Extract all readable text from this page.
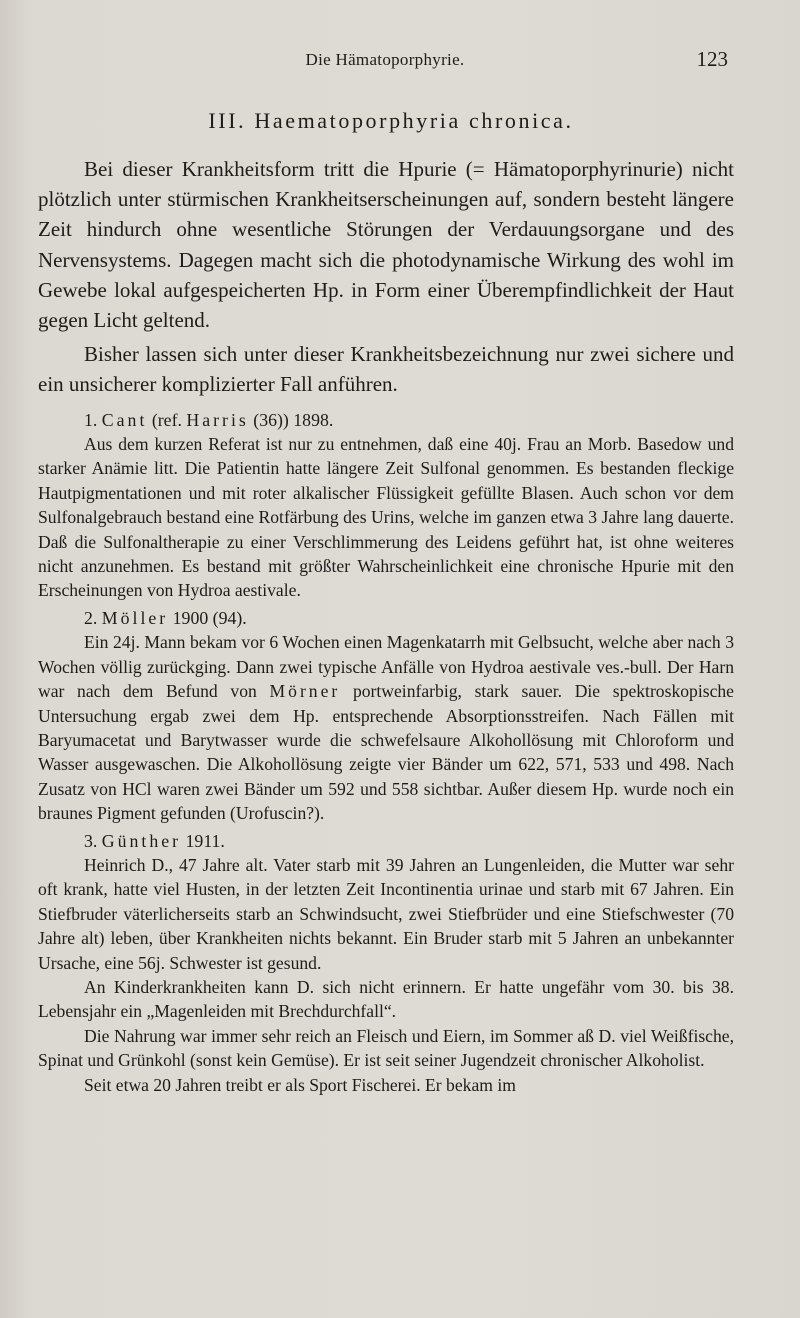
Die Hämatoporphyrie.	123
III. Haematoporphyria chronica.

Bei dieser Krankheitsform tritt die Hpurie (= Hämatoporphyrinurie) nicht plötzlich unter stürmischen Krankheitserscheinungen auf, sondern besteht längere Zeit hindurch ohne wesentliche Störungen der Verdauungsorgane und des Nervensystems. Dagegen macht sich die photodynamische Wirkung des wohl im Gewebe lokal aufgespeicherten Hp. in Form einer Überempfindlichkeit der Haut gegen Licht geltend.

Bisher lassen sich unter dieser Krankheitsbezeichnung nur zwei sichere und ein unsicherer komplizierter Fall anführen.

1. Cant (ref. Harris (36)) 1898.

Aus dem kurzen Referat ist nur zu entnehmen, daß eine 40j. Frau an Morb. Basedow und starker Anämie litt. Die Patientin hatte längere Zeit Sulfonal genommen. Es bestanden fleckige Hautpigmentationen und mit roter alkalischer Flüssigkeit gefüllte Blasen. Auch schon vor dem Sulfonalgebrauch bestand eine Rotfärbung des Urins, welche im ganzen etwa 3 Jahre lang dauerte. Daß die Sulfonaltherapie zu einer Verschlimmerung des Leidens geführt hat, ist ohne weiteres nicht anzunehmen. Es bestand mit größter Wahrscheinlichkeit eine chronische Hpurie mit den Erscheinungen von Hydroa aestivale.

2. Möller 1900 (94).

Ein 24j. Mann bekam vor 6 Wochen einen Magenkatarrh mit Gelbsucht, welche aber nach 3 Wochen völlig zurückging. Dann zwei typische Anfälle von Hydroa aestivale ves.-bull. Der Harn war nach dem Befund von Mörner portweinfarbig, stark sauer. Die spektroskopische Untersuchung ergab zwei dem Hp. entsprechende Absorptionsstreifen. Nach Fällen mit Baryumacetat und Barytwasser wurde die schwefelsaure Alkohollösung mit Chloroform und Wasser ausgewaschen. Die Alkohollösung zeigte vier Bänder um 622, 571, 533 und 498. Nach Zusatz von HCl waren zwei Bänder um 592 und 558 sichtbar. Außer diesem Hp. wurde noch ein braunes Pigment gefunden (Urofuscin?).

3. Günther 1911.

Heinrich D., 47 Jahre alt. Vater starb mit 39 Jahren an Lungenleiden, die Mutter war sehr oft krank, hatte viel Husten, in der letzten Zeit Incontinentia urinae und starb mit 67 Jahren. Ein Stiefbruder väterlicherseits starb an Schwindsucht, zwei Stiefbrüder und eine Stiefschwester (70 Jahre alt) leben, über Krankheiten nichts bekannt. Ein Bruder starb mit 5 Jahren an unbekannter Ursache, eine 56j. Schwester ist gesund.

An Kinderkrankheiten kann D. sich nicht erinnern. Er hatte ungefähr vom 30. bis 38. Lebensjahr ein „Magenleiden mit Brechdurchfall“.

Die Nahrung war immer sehr reich an Fleisch und Eiern, im Sommer aß D. viel Weißfische, Spinat und Grünkohl (sonst kein Gemüse). Er ist seit seiner Jugendzeit chronischer Alkoholist.

Seit etwa 20 Jahren treibt er als Sport Fischerei. Er bekam im
